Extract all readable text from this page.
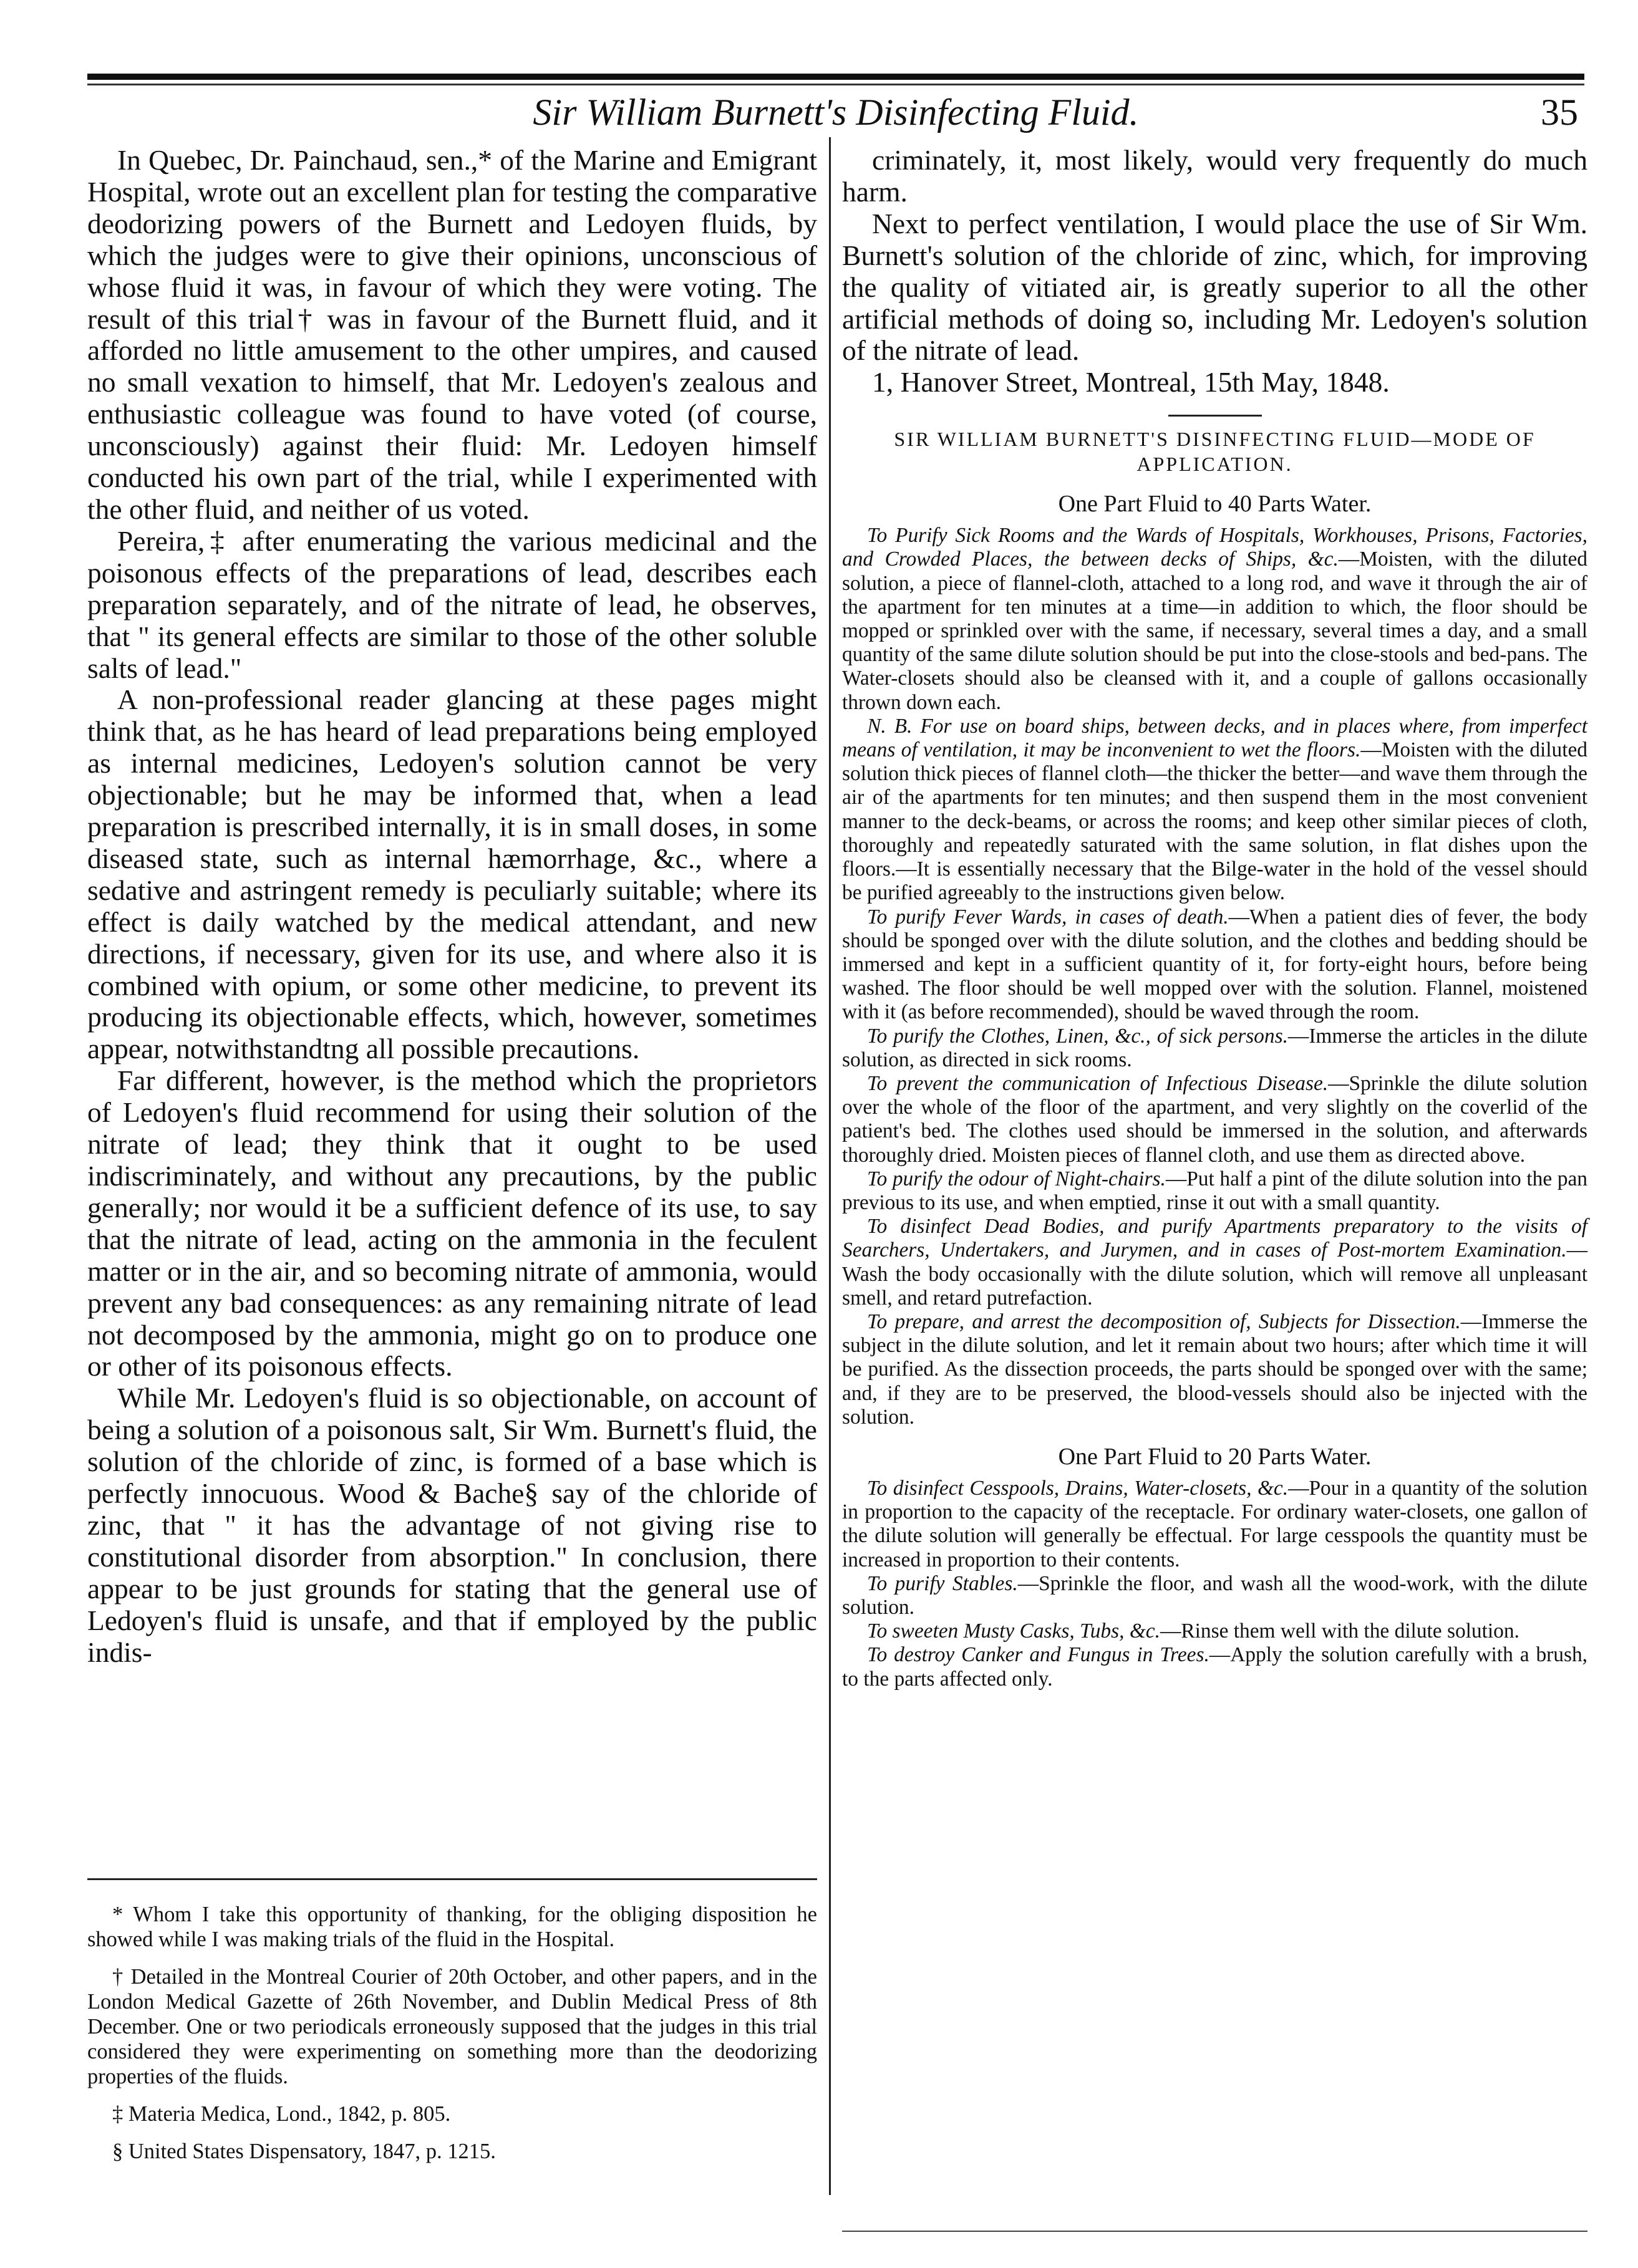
Sir William Burnett's Disinfecting Fluid.	35

In Quebec, Dr. Painchaud, sen.,* of the Marine and Emigrant Hospital, wrote out an excellent plan for testing the comparative deodorizing powers of the Burnett and Ledoyen fluids, by which the judges were to give their opinions, unconscious of whose fluid it was, in favour of which they were voting. The result of this trial† was in favour of the Burnett fluid, and it afforded no little amusement to the other umpires, and caused no small vexation to himself, that Mr. Ledoyen's zealous and enthusiastic colleague was found to have voted (of course, unconsciously) against their fluid: Mr. Ledoyen himself conducted his own part of the trial, while I experimented with the other fluid, and neither of us voted.

Pereira,‡ after enumerating the various medicinal and the poisonous effects of the preparations of lead, describes each preparation separately, and of the nitrate of lead, he observes, that " its general effects are similar to those of the other soluble salts of lead."

A non-professional reader glancing at these pages might think that, as he has heard of lead preparations being employed as internal medicines, Ledoyen's solution cannot be very objectionable; but he may be informed that, when a lead preparation is prescribed internally, it is in small doses, in some diseased state, such as internal hæmorrhage, &c., where a sedative and astringent remedy is peculiarly suitable; where its effect is daily watched by the medical attendant, and new directions, if necessary, given for its use, and where also it is combined with opium, or some other medicine, to prevent its producing its objectionable effects, which, however, sometimes appear, notwithstandtng all possible precautions.

Far different, however, is the method which the proprietors of Ledoyen's fluid recommend for using their solution of the nitrate of lead; they think that it ought to be used indiscriminately, and without any precautions, by the public generally; nor would it be a sufficient defence of its use, to say that the nitrate of lead, acting on the ammonia in the feculent matter or in the air, and so becoming nitrate of ammonia, would prevent any bad consequences: as any remaining nitrate of lead not decomposed by the ammonia, might go on to produce one or other of its poisonous effects.

While Mr. Ledoyen's fluid is so objectionable, on account of being a solution of a poisonous salt, Sir Wm. Burnett's fluid, the solution of the chloride of zinc, is formed of a base which is perfectly innocuous. Wood & Bache§ say of the chloride of zinc, that " it has the advantage of not giving rise to constitutional disorder from absorption." In conclusion, there appear to be just grounds for stating that the general use of Ledoyen's fluid is unsafe, and that if employed by the public indis-

* Whom I take this opportunity of thanking, for the obliging disposition he showed while I was making trials of the fluid in the Hospital.

† Detailed in the Montreal Courier of 20th October, and other papers, and in the London Medical Gazette of 26th November, and Dublin Medical Press of 8th December. One or two periodicals erroneously supposed that the judges in this trial considered they were experimenting on something more than the deodorizing properties of the fluids.

‡ Materia Medica, Lond., 1842, p. 805.

§ United States Dispensatory, 1847, p. 1215.

criminately, it, most likely, would very frequently do much harm.

Next to perfect ventilation, I would place the use of Sir Wm. Burnett's solution of the chloride of zinc, which, for improving the quality of vitiated air, is greatly superior to all the other artificial methods of doing so, including Mr. Ledoyen's solution of the nitrate of lead.

1, Hanover Street, Montreal, 15th May, 1848.

SIR WILLIAM BURNETT'S DISINFECTING FLUID—MODE OF APPLICATION.
One Part Fluid to 40 Parts Water.

To Purify Sick Rooms and the Wards of Hospitals, Workhouses, Prisons, Factories, and Crowded Places, the between decks of Ships, &c.—Moisten, with the diluted solution, a piece of flannel-cloth, attached to a long rod, and wave it through the air of the apartment for ten minutes at a time—in addition to which, the floor should be mopped or sprinkled over with the same, if necessary, several times a day, and a small quantity of the same dilute solution should be put into the close-stools and bed-pans. The Water-closets should also be cleansed with it, and a couple of gallons occasionally thrown down each.

N. B. For use on board ships, between decks, and in places where, from imperfect means of ventilation, it may be inconvenient to wet the floors.—Moisten with the diluted solution thick pieces of flannel cloth—the thicker the better—and wave them through the air of the apartments for ten minutes; and then suspend them in the most convenient manner to the deck-beams, or across the rooms; and keep other similar pieces of cloth, thoroughly and repeatedly saturated with the same solution, in flat dishes upon the floors.—It is essentially necessary that the Bilge-water in the hold of the vessel should be purified agreeably to the instructions given below.

To purify Fever Wards, in cases of death.—When a patient dies of fever, the body should be sponged over with the dilute solution, and the clothes and bedding should be immersed and kept in a sufficient quantity of it, for forty-eight hours, before being washed. The floor should be well mopped over with the solution. Flannel, moistened with it (as before recommended), should be waved through the room.

To purify the Clothes, Linen, &c., of sick persons.—Immerse the articles in the dilute solution, as directed in sick rooms.

To prevent the communication of Infectious Disease.—Sprinkle the dilute solution over the whole of the floor of the apartment, and very slightly on the coverlid of the patient's bed. The clothes used should be immersed in the solution, and afterwards thoroughly dried. Moisten pieces of flannel cloth, and use them as directed above.

To purify the odour of Night-chairs.—Put half a pint of the dilute solution into the pan previous to its use, and when emptied, rinse it out with a small quantity.

To disinfect Dead Bodies, and purify Apartments preparatory to the visits of Searchers, Undertakers, and Jurymen, and in cases of Post-mortem Examination.—Wash the body occasionally with the dilute solution, which will remove all unpleasant smell, and retard putrefaction.

To prepare, and arrest the decomposition of, Subjects for Dissection.—Immerse the subject in the dilute solution, and let it remain about two hours; after which time it will be purified. As the dissection proceeds, the parts should be sponged over with the same; and, if they are to be preserved, the blood-vessels should also be injected with the solution.

One Part Fluid to 20 Parts Water.

To disinfect Cesspools, Drains, Water-closets, &c.—Pour in a quantity of the solution in proportion to the capacity of the receptacle. For ordinary water-closets, one gallon of the dilute solution will generally be effectual. For large cesspools the quantity must be increased in proportion to their contents.

To purify Stables.—Sprinkle the floor, and wash all the wood-work, with the dilute solution.

To sweeten Musty Casks, Tubs, &c.—Rinse them well with the dilute solution.

To destroy Canker and Fungus in Trees.—Apply the solution carefully with a brush, to the parts affected only.
